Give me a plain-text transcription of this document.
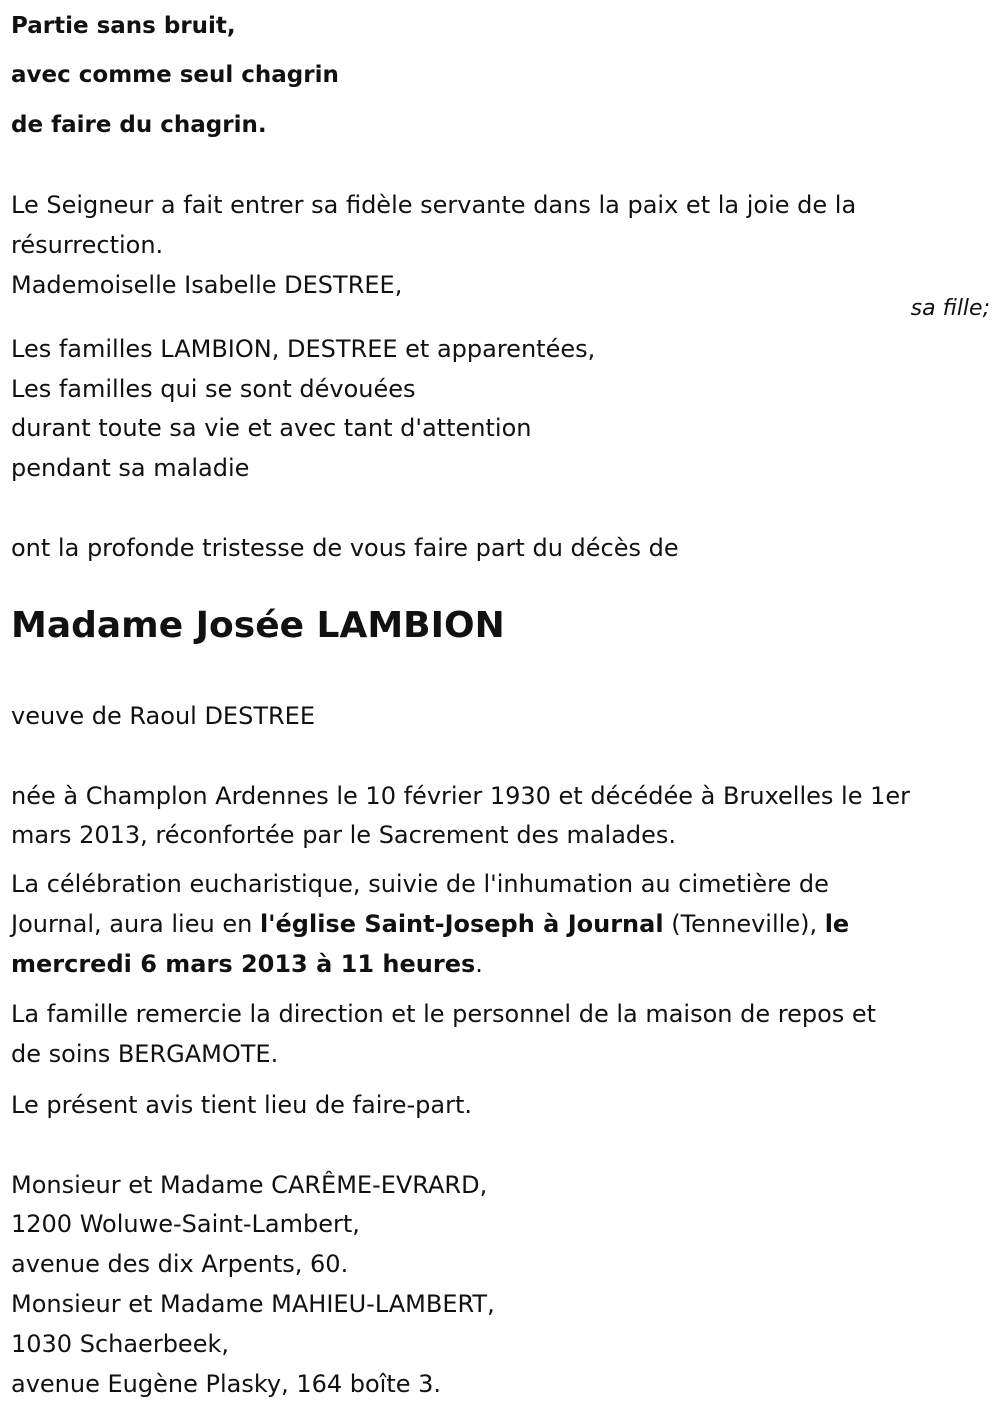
Partie sans bruit,
avec comme seul chagrin
de faire du chagrin.
Le Seigneur a fait entrer sa fidèle servante dans la paix et la joie de la
résurrection.
Mademoiselle Isabelle DESTREE,
sa fille;
Les familles LAMBION, DESTREE et apparentées,
Les familles qui se sont dévouées
durant toute sa vie et avec tant d'attention
pendant sa maladie
ont la profonde tristesse de vous faire part du décès de
Madame Josée LAMBION
veuve de Raoul DESTREE
née à Champlon Ardennes le 10 février 1930 et décédée à Bruxelles le 1er
mars 2013, réconfortée par le Sacrement des malades.
La célébration eucharistique, suivie de l'inhumation au cimetière de
Journal, aura lieu en l'église Saint-Joseph à Journal (Tenneville), le
mercredi 6 mars 2013 à 11 heures.
La famille remercie la direction et le personnel de la maison de repos et
de soins BERGAMOTE.
Le présent avis tient lieu de faire-part.
Monsieur et Madame CARÊME-EVRARD,
1200 Woluwe-Saint-Lambert,
avenue des dix Arpents, 60.
Monsieur et Madame MAHIEU-LAMBERT,
1030 Schaerbeek,
avenue Eugène Plasky, 164 boîte 3.
